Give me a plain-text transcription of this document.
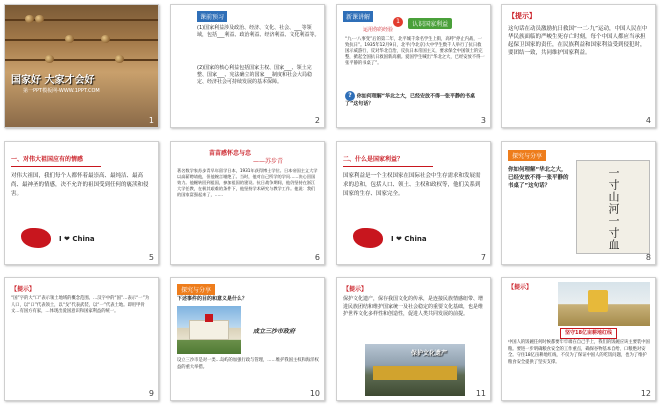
国家好 大家才会好
第一PPT模板网-WWW.1PPT.COM
1
课前预习
(1)国家利益涉及政治、经济、文化、社会、___等领域，包括___利益、政治利益、经济利益、文化利益等。
(2)国家的核心利益包括国家主权、国家___、领土完整、国家___、宪法确立的国家___制度和社会大局稳定、经济社会可持续发展的基本保障。
2
新课讲解	1 认识国家利益
运用你的经验
“九·一八事变”后的第二年，北平城千余名学生上街，高呼“停止内战，一致抗日”。1935年12月9日，北平(今北京)大中学生数千人举行了抗日救国示威游行，反对华北自治，反抗日本帝国主义，要求保全中国领土的完整，掀起全国抗日救国新高潮。爱国学生喊出“华北之大，已经安放不得一张平静的书桌了”。
? 你如何理解“华北之大，已经安放不得一张平静的书桌了”这句话？
3
【提示】
这句话在动员激励抗日救国“一二·九”运动，中国人民在中华民族面临的严峻生死存亡时刻，每个中国人都应当承担起保卫国家的责任，在民族利益和国家利益受到侵犯时，要团结一致，共同维护国家利益。
4
一、对伟大祖国应有的情感
对伟大祖国，我们每个人都怀着最崇高、最纯洁、最高尚、最神圣的情感，决不允许的祖国受到任何的亵渎和侵害。
I ❤ China
5
苗苗感怀忠与忠
——苏步青
著名数学家苏步青早年留学日本，1931年获得博士学位。日本帝国主义大学以高薪聘请他，但他婉言谢绝了。当时，他对自己所学的学问……决心回国效力。他辗转回到祖国，参加祖国的建设。抗日战争期间，他仍坚持在浙江大学任教，在极其艰难的条件下，他坚持学术研究与教学工作。他说：我们的国家富强起来了，……
6
二、什么是国家利益？
国家利益是一个主权国家在国际社会中生存需求和发展需求的总和，包括人口、领土、主权和政权等，他们关系到国家的生存、国家完全。
I ❤ China
7
探究与分享
你如何理解“华北之大，已经安放不得一张平静的书桌了”这句话？	一寸山河一寸血
8
【提示】
“国”字的大“口”表示领土地域的概念范围。…汉字中的“国”…表示“一”为人口，以“口”代表领土，以“戈”代表武装，以“一”代表土地。即用甲骨文…有国方有家，…体现出爱国意识和国家利益的统一。
9
探究与分享
下述事件的目的和意义是什么？
成立三沙市政府
设立三沙市是对一类…岛屿的加强行政与管理，……维护我国主权和海洋权益的重大举措。
10
【提示】
保护文化遗产，保存我国文化的传承，是连接民族情感纽带、增进民族团结和维护国家统一及社会稳定的重要文化基础，也是维护世界文化多样性和创造性，促进人类共同发展的前提。
保护文化遗产
11
【提示】
坚守18亿亩耕地红线
中国人的饭碗任何时候都要牢牢端在自己手上，我们的饭碗应该主要装中国粮。要进一步明确粮食安全的工作重点，确保谷物基本自给、口粮绝对安全。守住18亿亩耕地红线，不仅为了保证中国人的吃饭问题，也为了维护粮食安全提供了坚实支撑。
12
